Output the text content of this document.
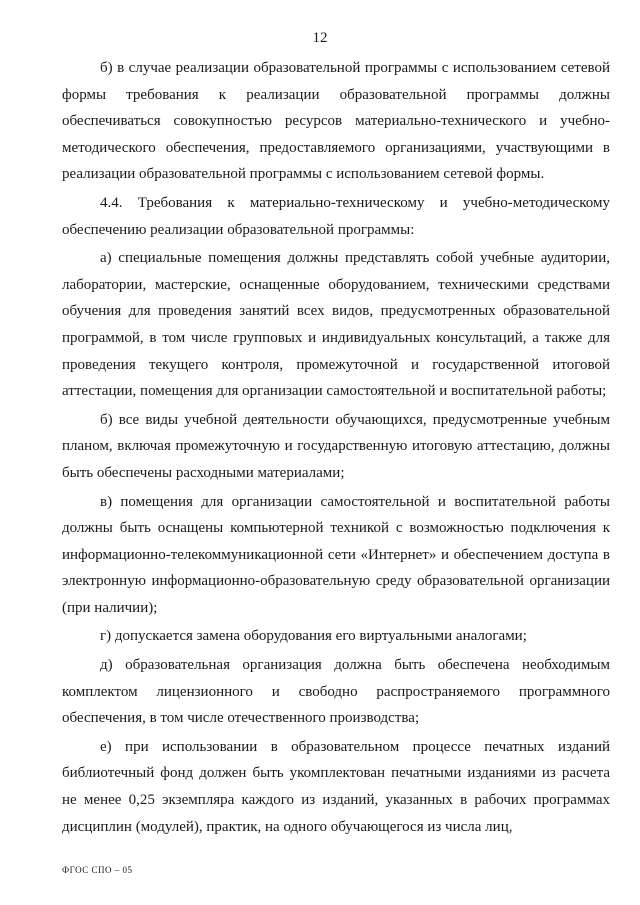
12

б) в случае реализации образовательной программы с использованием сетевой формы требования к реализации образовательной программы должны обеспечиваться совокупностью ресурсов материально-технического и учебно-методического обеспечения, предоставляемого организациями, участвующими в реализации образовательной программы с использованием сетевой формы.

4.4. Требования к материально-техническому и учебно-методическому обеспечению реализации образовательной программы:

а) специальные помещения должны представлять собой учебные аудитории, лаборатории, мастерские, оснащенные оборудованием, техническими средствами обучения для проведения занятий всех видов, предусмотренных образовательной программой, в том числе групповых и индивидуальных консультаций, а также для проведения текущего контроля, промежуточной и государственной итоговой аттестации, помещения для организации самостоятельной и воспитательной работы;

б) все виды учебной деятельности обучающихся, предусмотренные учебным планом, включая промежуточную и государственную итоговую аттестацию, должны быть обеспечены расходными материалами;

в) помещения для организации самостоятельной и воспитательной работы должны быть оснащены компьютерной техникой с возможностью подключения к информационно-телекоммуникационной сети «Интернет» и обеспечением доступа в электронную информационно-образовательную среду образовательной организации (при наличии);

г) допускается замена оборудования его виртуальными аналогами;

д) образовательная организация должна быть обеспечена необходимым комплектом лицензионного и свободно распространяемого программного обеспечения, в том числе отечественного производства;

е) при использовании в образовательном процессе печатных изданий библиотечный фонд должен быть укомплектован печатными изданиями из расчета не менее 0,25 экземпляра каждого из изданий, указанных в рабочих программах дисциплин (модулей), практик, на одного обучающегося из числа лиц,

ФГОС СПО – 05
